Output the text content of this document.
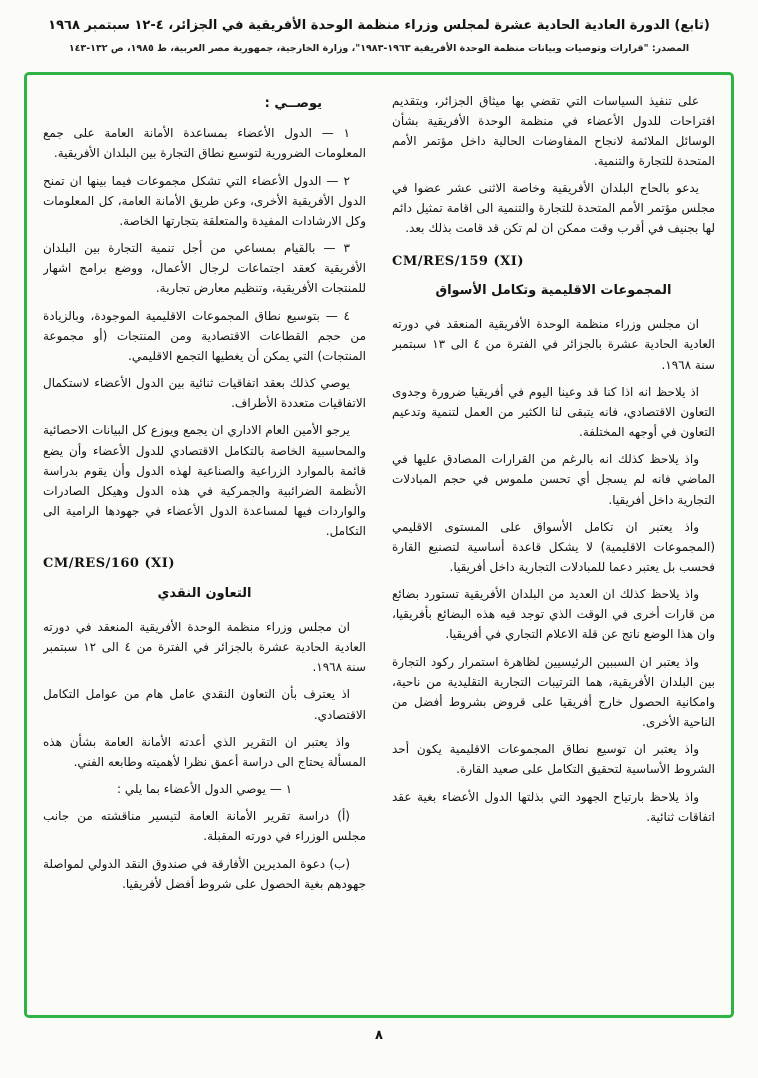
(تابع) الدورة العادية الحادية عشرة لمجلس وزراء منظمة الوحدة الأفريقية في الجزائر، ٤-١٢ سبتمبر ١٩٦٨
المصدر: "قرارات وتوصيات وبيانات منظمة الوحدة الأفريقية ١٩٦٣-١٩٨٣"، وزارة الخارجية، جمهورية مصر العربية، ط ١٩٨٥، ص ١٣٢-١٤٣

على تنفيذ السياسات التي تقضي بها ميثاق الجزائر، وبتقديم اقتراحات للدول الأعضاء في منظمة الوحدة الأفريقية بشأن الوسائل الملائمة لانجاح المفاوضات الحالية داخل مؤتمر الأمم المتحدة للتجارة والتنمية.

يدعو بالحاح البلدان الأفريقية وخاصة الاثنى عشر عضوا في مجلس مؤتمر الأمم المتحدة للتجارة والتنمية الى اقامة تمثيل دائم لها بجنيف في أقرب وقت ممكن ان لم تكن قد قامت بذلك بعد.

CM/RES/159 (XI)

المجموعات الاقليمية وتكامل الأسواق

ان مجلس وزراء منظمة الوحدة الأفريقية المنعقد في دورته العادية الحادية عشرة بالجزائر في الفترة من ٤ الى ١٣ سبتمبر سنة ١٩٦٨.

اذ يلاحظ انه اذا كنا قد وعينا اليوم في أفريقيا ضرورة وجدوى التعاون الاقتصادي، فانه يتبقى لنا الكثير من العمل لتنمية وتدعيم التعاون في أوجهه المختلفة.

واذ يلاحظ كذلك انه بالرغم من القرارات المصادق عليها في الماضي فانه لم يسجل أي تحسن ملموس في حجم المبادلات التجارية داخل أفريقيا.

واذ يعتبر ان تكامل الأسواق على المستوى الاقليمي (المجموعات الاقليمية) لا يشكل قاعدة أساسية لتصنيع القارة فحسب بل يعتبر دعما للمبادلات التجارية داخل أفريقيا.

واذ يلاحظ كذلك ان العديد من البلدان الأفريقية تستورد بضائع من قارات أخرى في الوقت الذي توجد فيه هذه البضائع بأفريقيا، وان هذا الوضع ناتج عن قلة الاعلام التجاري في أفريقيا.

واذ يعتبر ان السببين الرئيسيين لظاهرة استمرار ركود التجارة بين البلدان الأفريقية، هما الترتيبات التجارية التقليدية من ناحية، وامكانية الحصول خارج أفريقيا على قروض بشروط أفضل من الناحية الأخرى.

واذ يعتبر ان توسيع نطاق المجموعات الاقليمية يكون أحد الشروط الأساسية لتحقيق التكامل على صعيد القارة.

واذ يلاحظ بارتياح الجهود التي بذلتها الدول الأعضاء بغية عقد اتفاقات ثنائية.

يوصــي :

١ — الدول الأعضاء بمساعدة الأمانة العامة على جمع المعلومات الضرورية لتوسيع نطاق التجارة بين البلدان الأفريقية.

٢ — الدول الأعضاء التي تشكل مجموعات فيما بينها ان تمنح الدول الأفريقية الأخرى، وعن طريق الأمانة العامة، كل المعلومات وكل الارشادات المفيدة والمتعلقة بتجارتها الخاصة.

٣ — بالقيام بمساعي من أجل تنمية التجارة بين البلدان الأفريقية كعقد اجتماعات لرجال الأعمال، ووضع برامج اشهار للمنتجات الأفريقية، وتنظيم معارض تجارية.

٤ — بتوسيع نطاق المجموعات الاقليمية الموجودة، وبالزيادة من حجم القطاعات الاقتصادية ومن المنتجات (أو مجموعة المنتجات) التي يمكن أن يغطيها التجمع الاقليمي.

يوصي كذلك بعقد اتفاقيات ثنائية بين الدول الأعضاء لاستكمال الاتفاقيات متعددة الأطراف.

يرجو الأمين العام الاداري ان يجمع ويوزع كل البيانات الاحصائية والمحاسبية الخاصة بالتكامل الاقتصادي للدول الأعضاء وأن يضع قائمة بالموارد الزراعية والصناعية لهذه الدول وأن يقوم بدراسة الأنظمة الضرائبية والجمركية في هذه الدول وهيكل الصادرات والواردات فيها لمساعدة الدول الأعضاء في جهودها الرامية الى التكامل.

CM/RES/160 (XI)

التعاون النقدي

ان مجلس وزراء منظمة الوحدة الأفريقية المنعقد في دورته العادية الحادية عشرة بالجزائر في الفترة من ٤ الى ١٢ سبتمبر سنة ١٩٦٨.

اذ يعترف بأن التعاون النقدي عامل هام من عوامل التكامل الاقتصادي.

واذ يعتبر ان التقرير الذي أعدته الأمانة العامة بشأن هذه المسألة يحتاج الى دراسة أعمق نظرا لأهميته وطابعه الفني.

١ — يوصي الدول الأعضاء بما يلي :

(أ) دراسة تقرير الأمانة العامة لتيسير مناقشته من جانب مجلس الوزراء في دورته المقبلة.

(ب) دعوة المديرين الأفارقة في صندوق النقد الدولي لمواصلة جهودهم بغية الحصول على شروط أفضل لأفريقيا.

٨
